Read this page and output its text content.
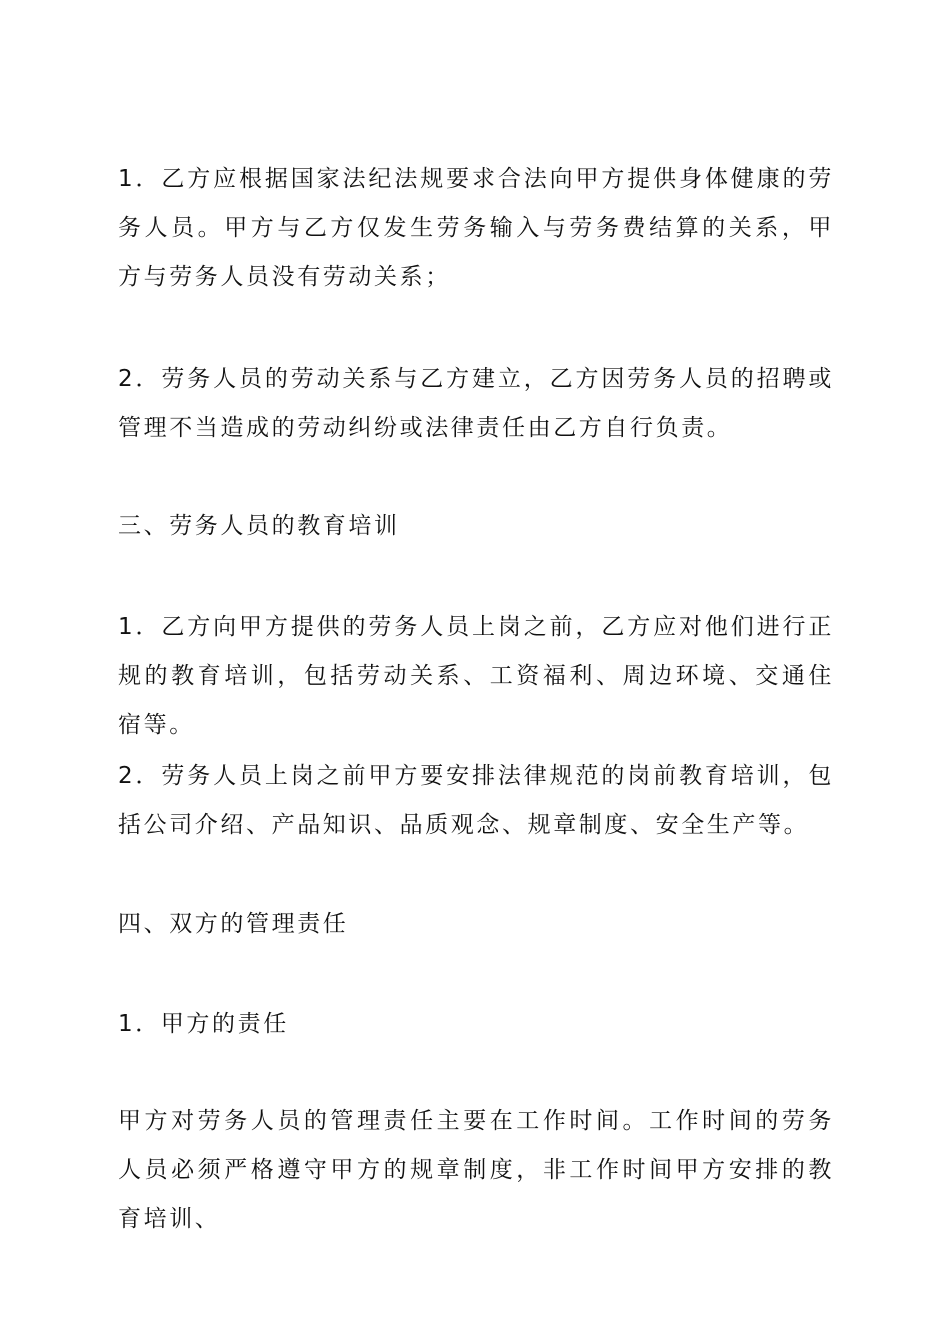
1．乙方应根据国家法纪法规要求合法向甲方提供身体健康的劳务人员。甲方与乙方仅发生劳务输入与劳务费结算的关系，甲方与劳务人员没有劳动关系；

2．劳务人员的劳动关系与乙方建立，乙方因劳务人员的招聘或管理不当造成的劳动纠纷或法律责任由乙方自行负责。

三、劳务人员的教育培训

1．乙方向甲方提供的劳务人员上岗之前，乙方应对他们进行正规的教育培训，包括劳动关系、工资福利、周边环境、交通住宿等。

2．劳务人员上岗之前甲方要安排法律规范的岗前教育培训，包括公司介绍、产品知识、品质观念、规章制度、安全生产等。

四、双方的管理责任
1．甲方的责任

甲方对劳务人员的管理责任主要在工作时间。工作时间的劳务人员必须严格遵守甲方的规章制度，非工作时间甲方安排的教育培训、
